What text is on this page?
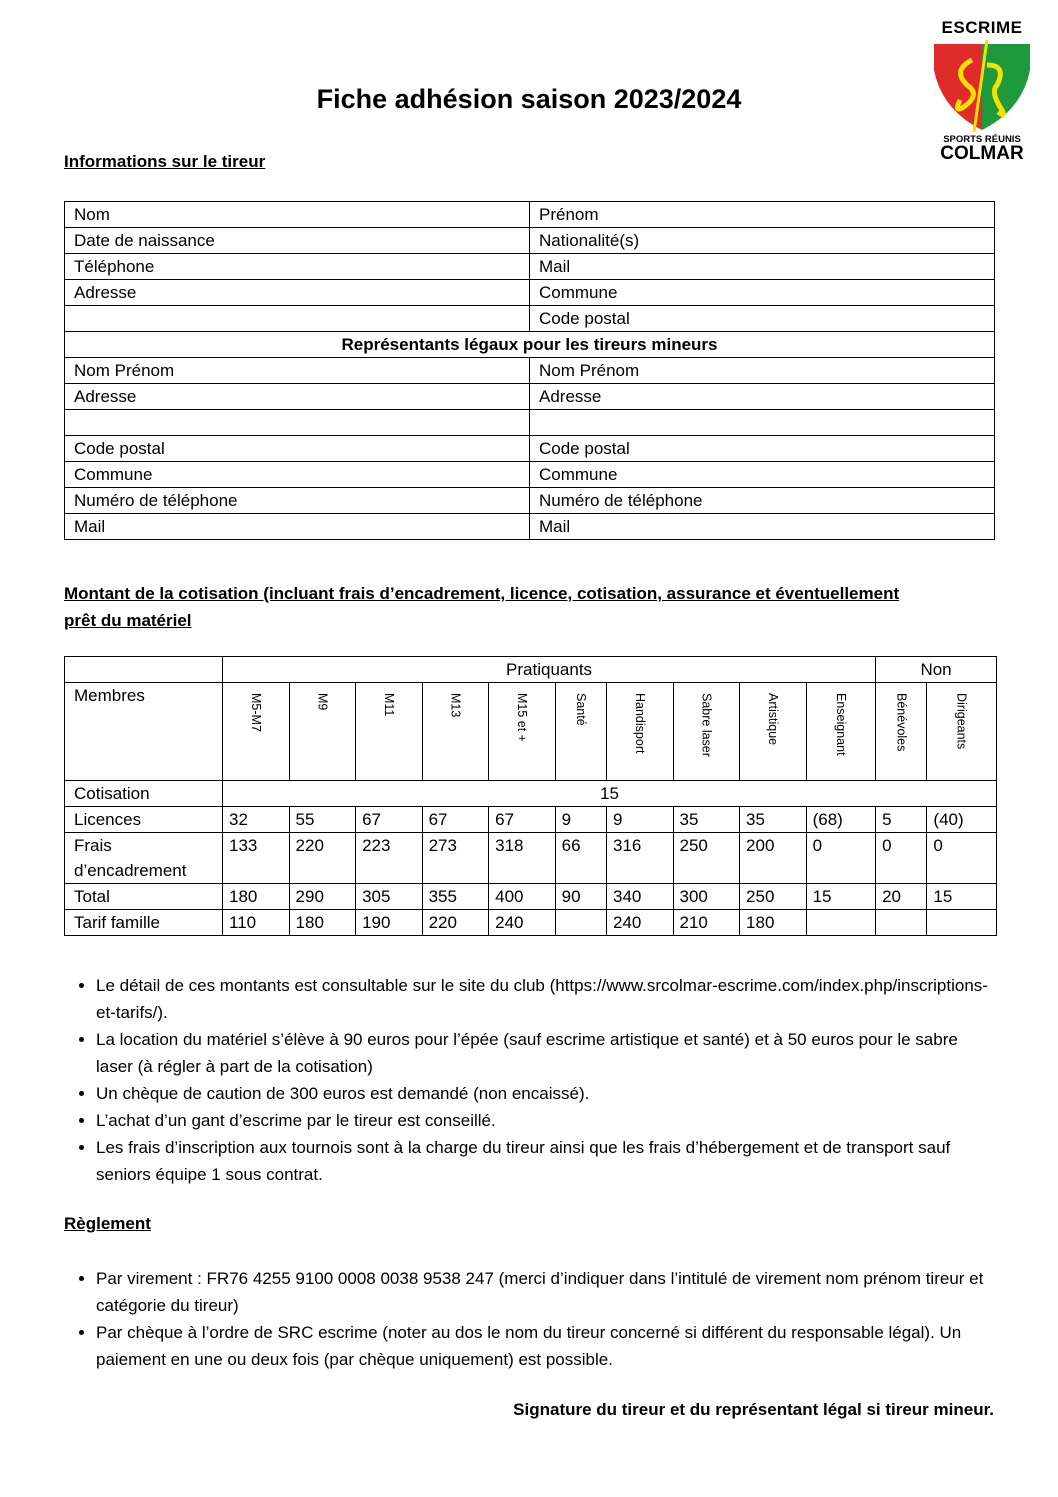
ESCRIME
SPORTS RÉUNIS
COLMAR
Fiche adhésion saison 2023/2024
Informations sur le tireur
Nom	Prénom
Date de naissance	Nationalité(s)
Téléphone	Mail
Adresse	Commune
	Code postal
Représentants légaux pour les tireurs mineurs	
Nom Prénom	Nom Prénom
Adresse	Adresse

Code postal	Code postal
Commune	Commune
Numéro de téléphone	Numéro de téléphone
Mail	Mail
Montant de la cotisation (incluant frais d’encadrement, licence, cotisation, assurance et éventuellement
prêt du matériel
	Pratiquants										Non	
Membres	M5-M7	M9	M11	M13	M15 et +	Santé	Handisport	Sabre laser	Artistique	Enseignant	Bénévoles	Dirigeants

Cotisation	15											
Licences	32	55	67	67	67	9	9	35	35	(68)	5	(40)
Frais d’encadrement	133	220	223	273	318	66	316	250	200	0	0	0
Total	180	290	305	355	400	90	340	300	250	15	20	15
Tarif famille	110	180	190	220	240		240	210	180			
• Le détail de ces montants est consultable sur le site du club (https://www.srcolmar-escrime.com/index.php/inscriptions-et-tarifs/).
• La location du matériel s’élève à 90 euros pour l’épée (sauf escrime artistique et santé) et à 50 euros pour le sabre laser (à régler à part de la cotisation)
• Un chèque de caution de 300 euros est demandé (non encaissé).
• L’achat d’un gant d’escrime par le tireur est conseillé.
• Les frais d’inscription aux tournois sont à la charge du tireur ainsi que les frais d’hébergement et de transport sauf seniors équipe 1 sous contrat.
Règlement
• Par virement : FR76 4255 9100 0008 0038 9538 247 (merci d’indiquer dans l’intitulé de virement nom prénom tireur et catégorie du tireur)
• Par chèque à l’ordre de SRC escrime (noter au dos le nom du tireur concerné si différent du responsable légal). Un paiement en une ou deux fois (par chèque uniquement) est possible.
Signature du tireur et du représentant légal si tireur mineur.
